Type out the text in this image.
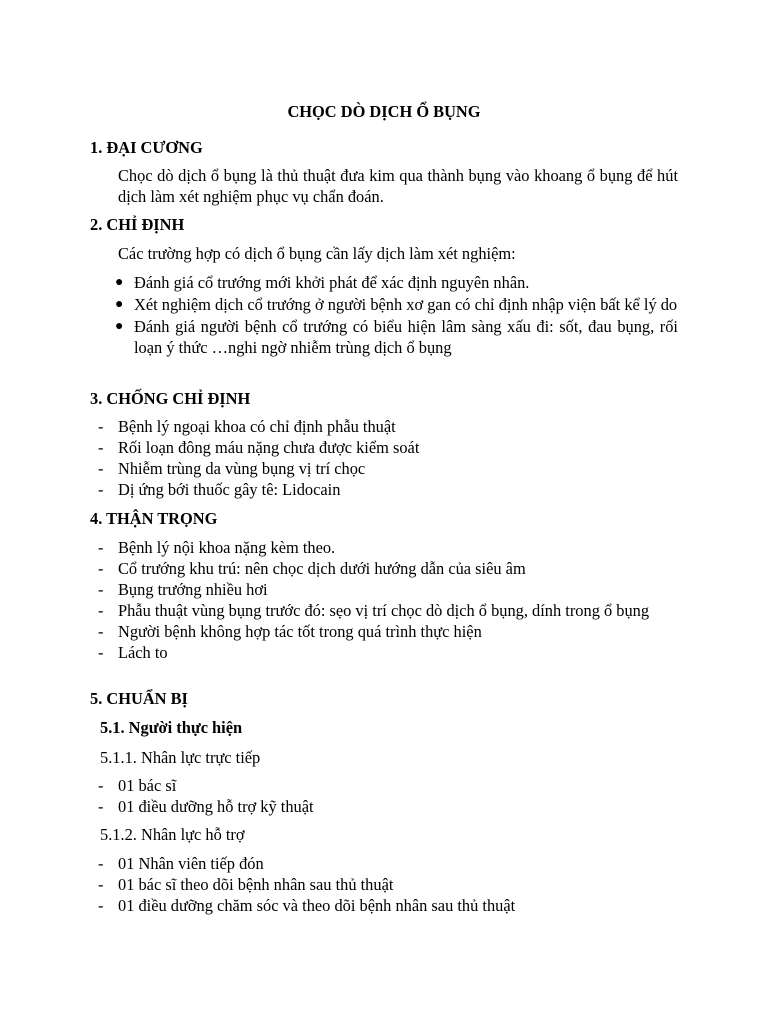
CHỌC DÒ DỊCH Ổ BỤNG
1. ĐẠI CƯƠNG
Chọc dò dịch ổ bụng là thủ thuật đưa kim qua thành bụng vào khoang ổ bụng để hút dịch làm xét nghiệm phục vụ chẩn đoán.
2. CHỈ ĐỊNH
Các trường hợp có dịch ổ bụng cần lấy dịch làm xét nghiệm:
● Đánh giá cổ trướng mới khởi phát để xác định nguyên nhân.
● Xét nghiệm dịch cổ trướng ở người bệnh xơ gan có chỉ định nhập viện bất kể lý do
● Đánh giá người bệnh cổ trướng có biểu hiện lâm sàng xấu đi: sốt, đau bụng, rối loạn ý thức …nghi ngờ nhiễm trùng dịch ổ bụng
3. CHỐNG CHỈ ĐỊNH
- Bệnh lý ngoại khoa có chỉ định phẫu thuật
- Rối loạn đông máu nặng chưa được kiểm soát
- Nhiễm trùng da vùng bụng vị trí chọc
- Dị ứng bới thuốc gây tê: Lidocain
4. THẬN TRỌNG
- Bệnh lý nội khoa nặng kèm theo.
- Cổ trướng khu trú: nên chọc dịch dưới hướng dẫn của siêu âm
- Bụng trướng nhiều hơi
- Phẫu thuật vùng bụng trước đó: sẹo vị trí chọc dò dịch ổ bụng, dính trong ổ bụng
- Người bệnh không hợp tác tốt trong quá trình thực hiện
- Lách to
5. CHUẨN BỊ
5.1. Người thực hiện
5.1.1. Nhân lực trực tiếp
- 01 bác sĩ
- 01 điều dưỡng hỗ trợ kỹ thuật
5.1.2. Nhân lực hỗ trợ
- 01 Nhân viên tiếp đón
- 01 bác sĩ theo dõi bệnh nhân sau thủ thuật
- 01 điều dưỡng chăm sóc và theo dõi bệnh nhân sau thủ thuật
